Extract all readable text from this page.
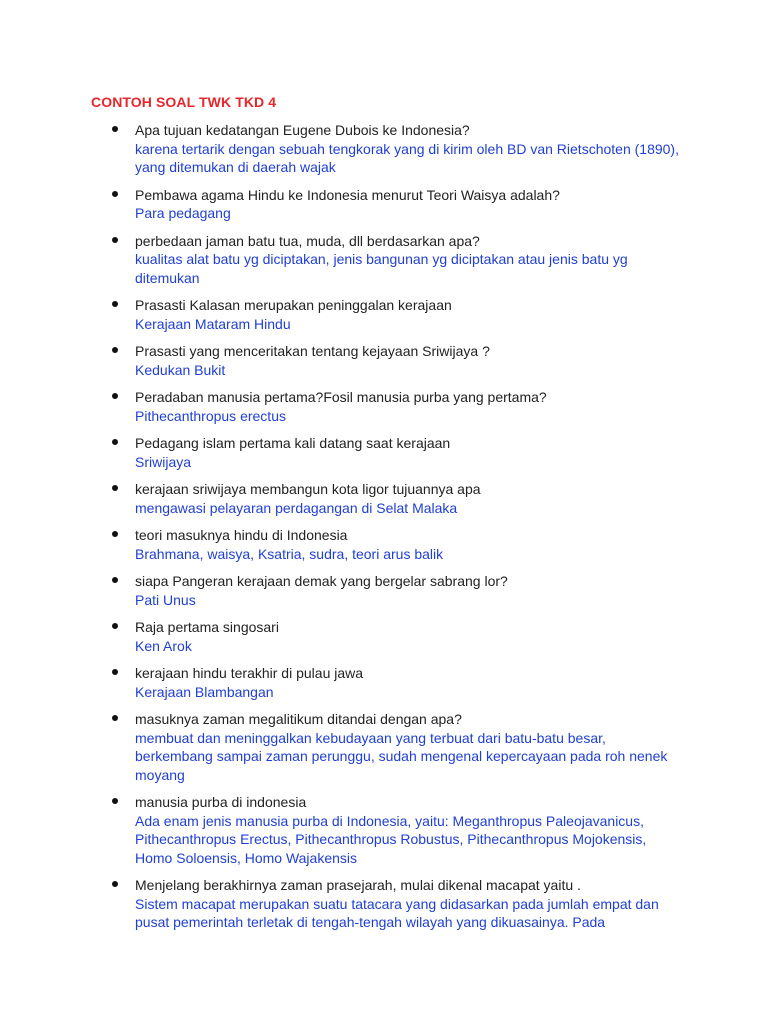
CONTOH SOAL TWK TKD 4
Apa tujuan kedatangan Eugene Dubois ke Indonesia?
karena tertarik dengan sebuah tengkorak yang di kirim oleh BD van Rietschoten (1890), yang ditemukan di daerah wajak
Pembawa agama Hindu ke Indonesia menurut Teori Waisya adalah?
Para pedagang
perbedaan jaman batu tua, muda, dll berdasarkan apa?
kualitas alat batu yg diciptakan, jenis bangunan yg diciptakan atau jenis batu yg ditemukan
Prasasti Kalasan merupakan peninggalan kerajaan
Kerajaan Mataram Hindu
Prasasti yang menceritakan tentang kejayaan Sriwijaya ?
Kedukan Bukit
Peradaban manusia pertama?Fosil manusia purba yang pertama?
Pithecanthropus erectus
Pedagang islam pertama kali datang saat kerajaan
Sriwijaya
kerajaan sriwijaya membangun kota ligor tujuannya apa
mengawasi pelayaran perdagangan di Selat Malaka
teori masuknya hindu di Indonesia
Brahmana, waisya, Ksatria, sudra, teori arus balik
siapa Pangeran kerajaan demak yang bergelar sabrang lor?
Pati Unus
Raja pertama singosari
Ken Arok
kerajaan hindu terakhir di pulau jawa
Kerajaan Blambangan
masuknya zaman megalitikum ditandai dengan apa?
membuat dan meninggalkan kebudayaan yang terbuat dari batu-batu besar, berkembang sampai zaman perunggu, sudah mengenal kepercayaan pada roh nenek moyang
manusia purba di indonesia
Ada enam jenis manusia purba di Indonesia, yaitu: Meganthropus Paleojavanicus, Pithecanthropus Erectus, Pithecanthropus Robustus, Pithecanthropus Mojokensis, Homo Soloensis, Homo Wajakensis
Menjelang berakhirnya zaman prasejarah, mulai dikenal macapat yaitu .
Sistem macapat merupakan suatu tatacara yang didasarkan pada jumlah empat dan pusat pemerintah terletak di tengah-tengah wilayah yang dikuasainya. Pada
